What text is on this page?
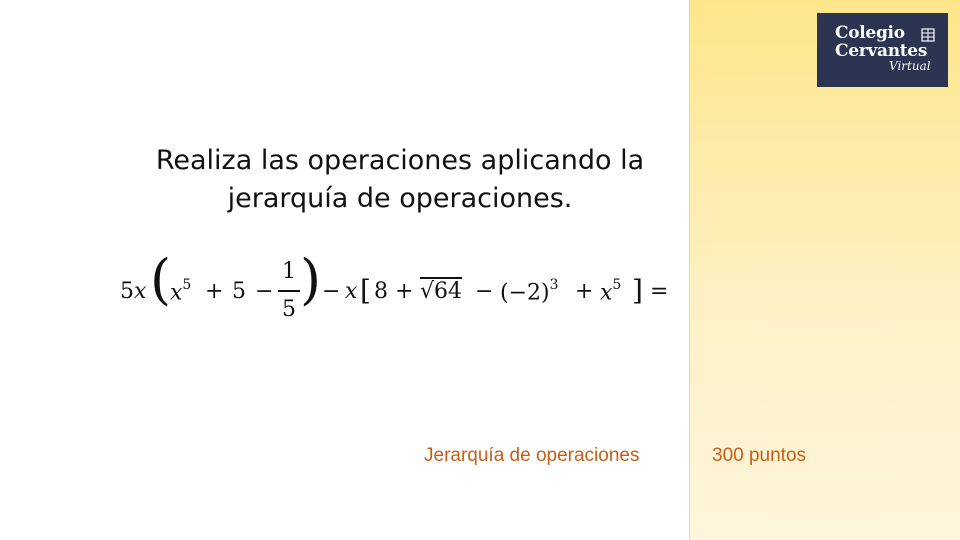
Colegio
Cervantes
Virtual
Realiza las operaciones aplicando la
jerarquía de operaciones.
5 x (
$x^5 + 5$ −
1
5 ) − x [ $8 + √64 - (-2)^3 + x^5$ ] =
Jerarquía de operaciones	300 puntos
